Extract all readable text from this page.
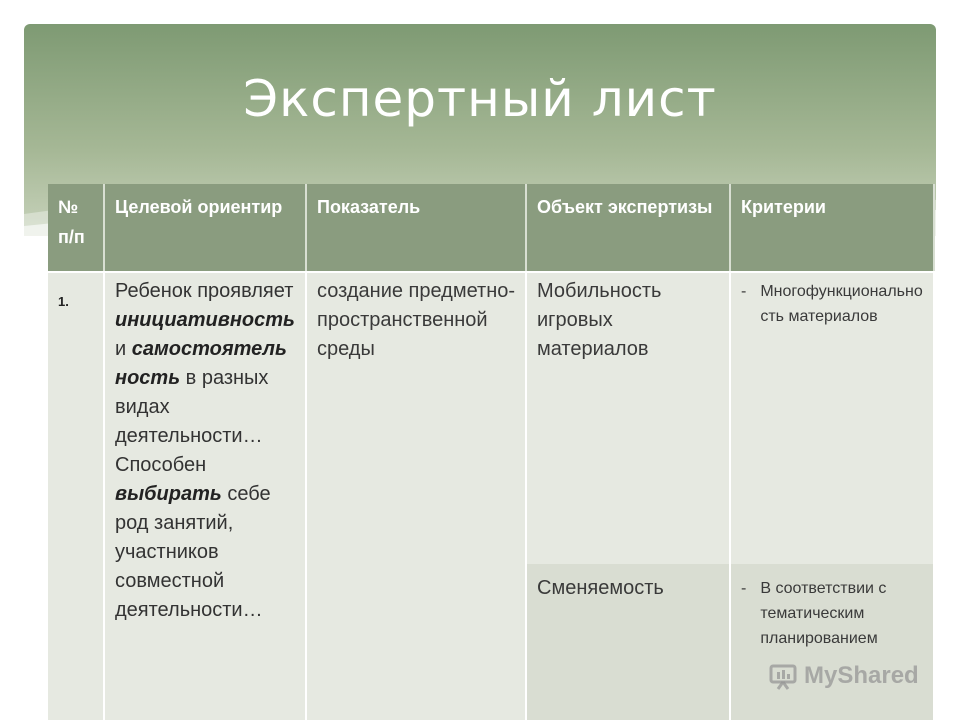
Экспертный лист
№ п/п	Целевой ориентир	Показатель	Объект экспертизы	Критерии
1.	Ребенок проявляет инициативность и самостоятельность в разных видах деятельности… Способен выбирать себе род занятий, участников совместной деятельности…	создание предметно-пространственной среды	Мобильность игровых материалов	- Многофункциональность материалов

			Сменяемость	- В соответствии с тематическим планированием
MyShared
